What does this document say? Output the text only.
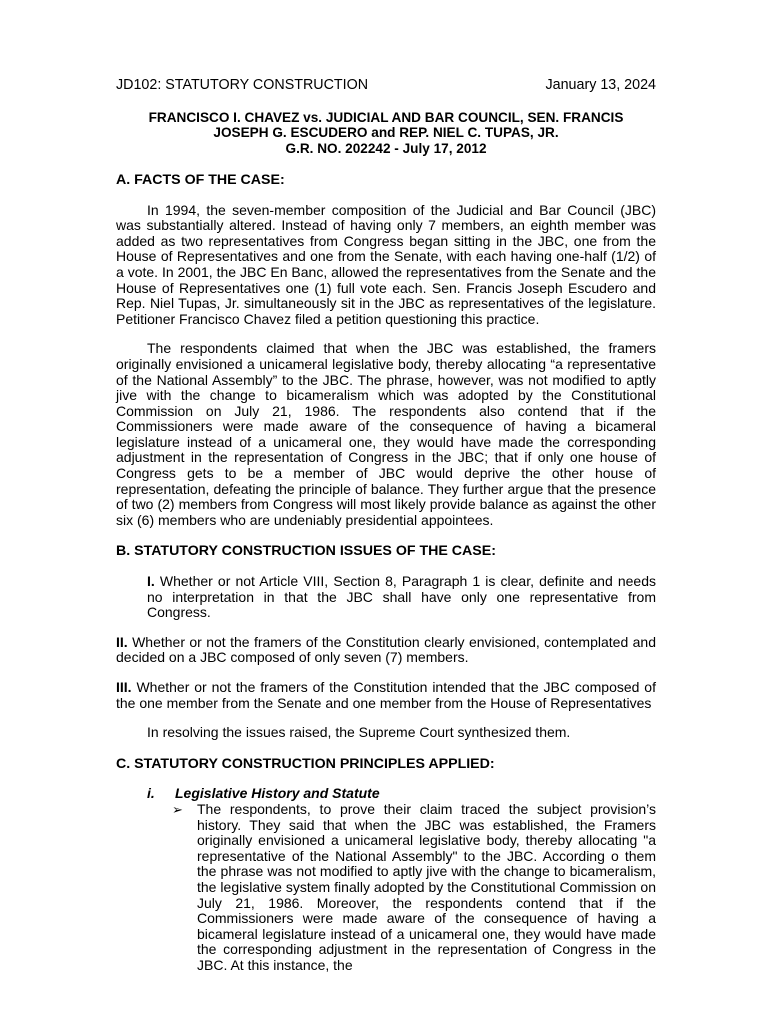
JD102: STATUTORY CONSTRUCTION	January 13, 2024
FRANCISCO I. CHAVEZ vs. JUDICIAL AND BAR COUNCIL, SEN. FRANCIS
JOSEPH G. ESCUDERO and REP. NIEL C. TUPAS, JR.
G.R. NO. 202242 - July 17, 2012
A. FACTS OF THE CASE:
In 1994, the seven-member composition of the Judicial and Bar Council (JBC) was substantially altered. Instead of having only 7 members, an eighth member was added as two representatives from Congress began sitting in the JBC, one from the House of Representatives and one from the Senate, with each having one-half (1/2) of a vote. In 2001, the JBC En Banc, allowed the representatives from the Senate and the House of Representatives one (1) full vote each. Sen. Francis Joseph Escudero and Rep. Niel Tupas, Jr. simultaneously sit in the JBC as representatives of the legislature. Petitioner Francisco Chavez filed a petition questioning this practice.
The respondents claimed that when the JBC was established, the framers originally envisioned a unicameral legislative body, thereby allocating “a representative of the National Assembly” to the JBC. The phrase, however, was not modified to aptly jive with the change to bicameralism which was adopted by the Constitutional Commission on July 21, 1986. The respondents also contend that if the Commissioners were made aware of the consequence of having a bicameral legislature instead of a unicameral one, they would have made the corresponding adjustment in the representation of Congress in the JBC; that if only one house of Congress gets to be a member of JBC would deprive the other house of representation, defeating the principle of balance. They further argue that the presence of two (2) members from Congress will most likely provide balance as against the other six (6) members who are undeniably presidential appointees.
B. STATUTORY CONSTRUCTION ISSUES OF THE CASE:
I. Whether or not Article VIII, Section 8, Paragraph 1 is clear, definite and needs no interpretation in that the JBC shall have only one representative from Congress.
II. Whether or not the framers of the Constitution clearly envisioned, contemplated and decided on a JBC composed of only seven (7) members.
III. Whether or not the framers of the Constitution intended that the JBC composed of the one member from the Senate and one member from the House of Representatives
In resolving the issues raised, the Supreme Court synthesized them.
C. STATUTORY CONSTRUCTION PRINCIPLES APPLIED:
i.	Legislative History and Statute
➢	The respondents, to prove their claim traced the subject provision’s history. They said that when the JBC was established, the Framers originally envisioned a unicameral legislative body, thereby allocating "a representative of the National Assembly" to the JBC. According o them the phrase was not modified to aptly jive with the change to bicameralism, the legislative system finally adopted by the Constitutional Commission on July 21, 1986. Moreover, the respondents contend that if the Commissioners were made aware of the consequence of having a bicameral legislature instead of a unicameral one, they would have made the corresponding adjustment in the representation of Congress in the JBC. At this instance, the
